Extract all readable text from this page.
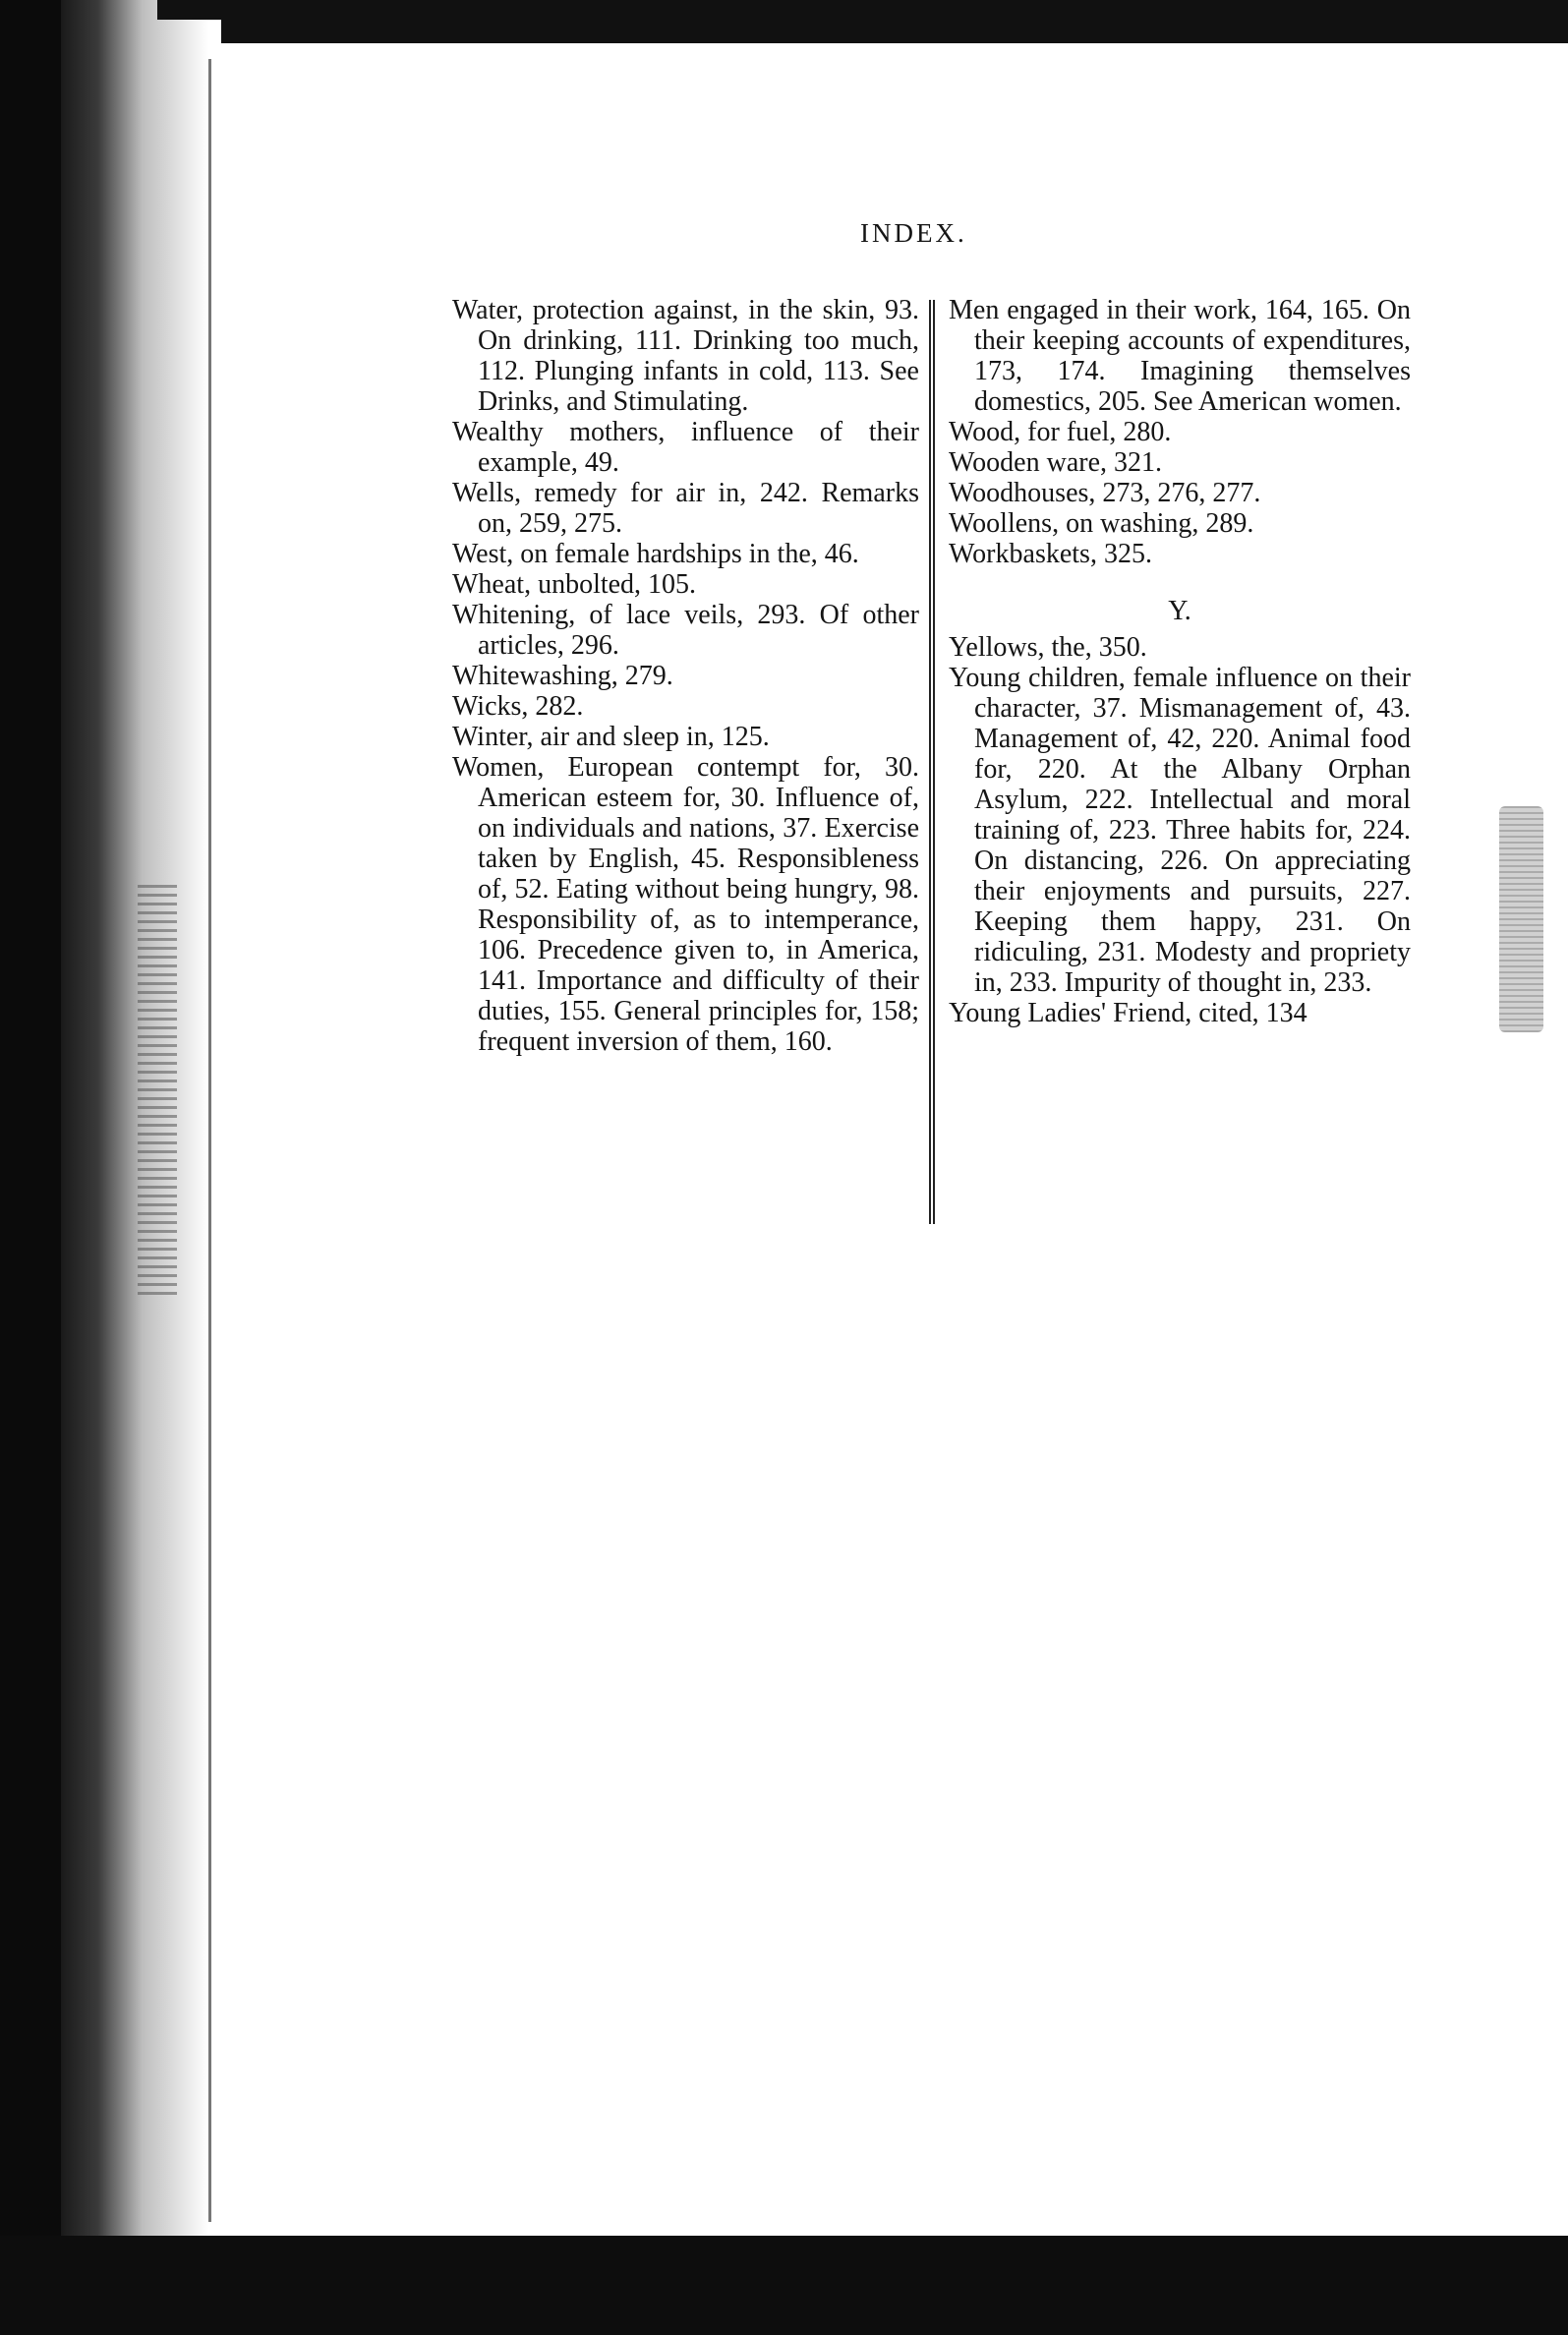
INDEX.
Water, protection against, in the skin, 93. On drinking, 111. Drinking too much, 112. Plunging infants in cold, 113. See Drinks, and Stimulating.
Wealthy mothers, influence of their example, 49.
Wells, remedy for air in, 242. Remarks on, 259, 275.
West, on female hardships in the, 46.
Wheat, unbolted, 105.
Whitening, of lace veils, 293. Of other articles, 296.
Whitewashing, 279.
Wicks, 282.
Winter, air and sleep in, 125.
Women, European contempt for, 30. American esteem for, 30. Influence of, on individuals and nations, 37. Exercise taken by English, 45. Responsibleness of, 52. Eating without being hungry, 98. Responsibility of, as to intemperance, 106. Precedence given to, in America, 141. Importance and difficulty of their duties, 155. General principles for, 158; frequent inversion of them, 160.
Men engaged in their work, 164, 165. On their keeping accounts of expenditures, 173, 174. Imagining themselves domestics, 205. See American women.
Wood, for fuel, 280.
Wooden ware, 321.
Woodhouses, 273, 276, 277.
Woollens, on washing, 289.
Workbaskets, 325.
Y.
Yellows, the, 350.
Young children, female influence on their character, 37. Mismanagement of, 43. Management of, 42, 220. Animal food for, 220. At the Albany Orphan Asylum, 222. Intellectual and moral training of, 223. Three habits for, 224. On distancing, 226. On appreciating their enjoyments and pursuits, 227. Keeping them happy, 231. On ridiculing, 231. Modesty and propriety in, 233. Impurity of thought in, 233.
Young Ladies' Friend, cited, 134
